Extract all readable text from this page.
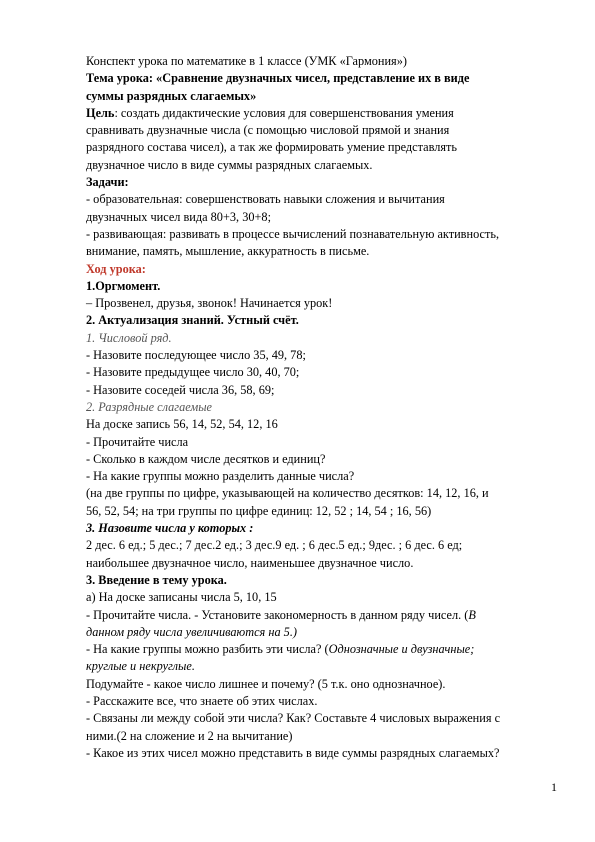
Конспект урока по математике в 1 классе (УМК «Гармония»)
Тема урока: «Сравнение двузначных чисел, представление их в виде
суммы разрядных слагаемых»
Цель: создать дидактические условия для совершенствования умения
сравнивать двузначные числа (с помощью числовой прямой и знания
разрядного состава чисел), а так же формировать умение представлять
двузначное число в виде суммы разрядных слагаемых.
Задачи:
- образовательная: совершенствовать навыки сложения и вычитания
двузначных чисел вида 80+3, 30+8;
- развивающая: развивать в процессе вычислений познавательную активность,
внимание, память, мышление, аккуратность в письме.
Ход урока:
1.Оргмомент.
– Прозвенел, друзья, звонок! Начинается урок!
2. Актуализация знаний. Устный счёт.
1. Числовой ряд.
- Назовите последующее число 35, 49, 78;
- Назовите предыдущее число 30, 40, 70;
- Назовите соседей числа 36, 58, 69;
2. Разрядные слагаемые
На доске запись 56, 14, 52, 54, 12, 16
- Прочитайте числа
- Сколько в каждом числе десятков и единиц?
- На какие группы можно разделить данные числа?
(на две группы по цифре, указывающей на количество десятков: 14, 12, 16, и
56, 52, 54; на три группы по цифре единиц: 12, 52 ; 14, 54 ; 16, 56)
3. Назовите числа у которых :
2 дес. 6 ед.; 5 дес.; 7 дес.2 ед.; 3 дес.9 ед. ; 6 дес.5 ед.; 9дес. ; 6 дес. 6 ед;
наибольшее двузначное число, наименьшее двузначное число.
3. Введение в тему урока.
а) На доске записаны числа 5, 10, 15
- Прочитайте числа. - Установите закономерность в данном ряду чисел. (В
данном ряду числа увеличиваются на 5.)
- На какие группы можно разбить эти числа? (Однозначные и двузначные;
круглые и некруглые.
Подумайте - какое число лишнее и почему? (5 т.к. оно однозначное).
- Расскажите все, что знаете об этих числах.
- Связаны ли между собой эти числа? Как? Составьте 4 числовых выражения с
ними.(2 на сложение и 2 на вычитание)
- Какое из этих чисел можно представить в виде суммы разрядных слагаемых?
1
